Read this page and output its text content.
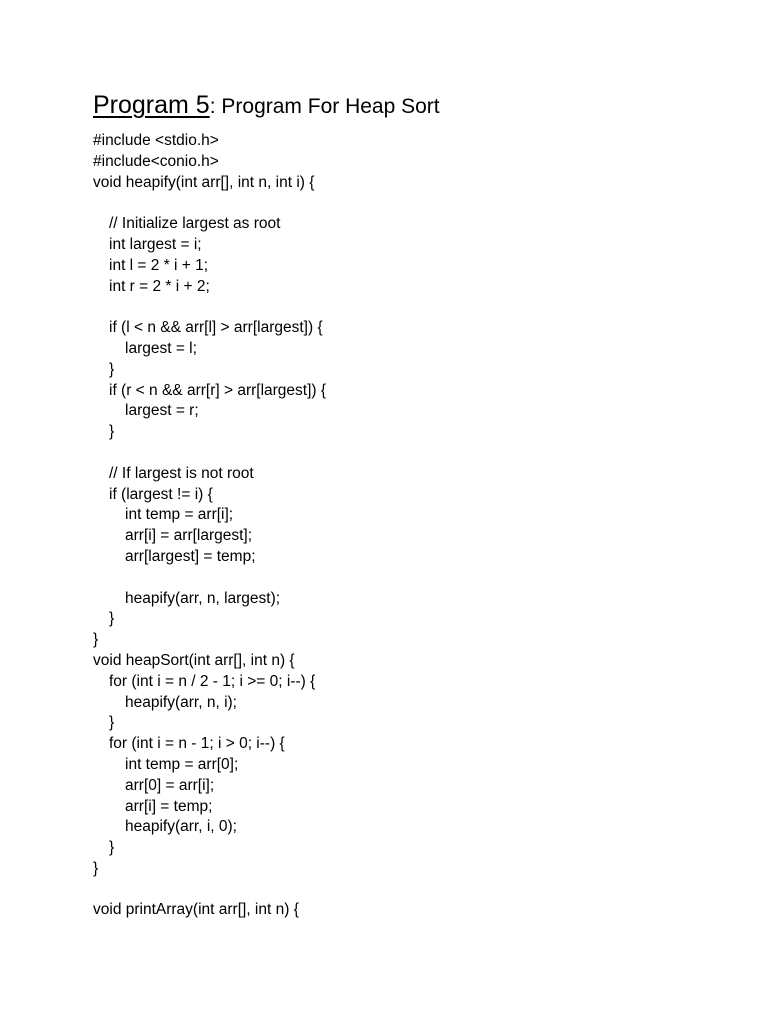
Program 5: Program For Heap Sort
#include <stdio.h>
#include<conio.h>
void heapify(int arr[], int n, int i) {
// Initialize largest as root
int largest = i;
int l = 2 * i + 1;
int r = 2 * i + 2;
if (l < n && arr[l] > arr[largest]) {
largest = l;
}
if (r < n && arr[r] > arr[largest]) {
largest = r;
}
// If largest is not root
if (largest != i) {
int temp = arr[i];
arr[i] = arr[largest];
arr[largest] = temp;
heapify(arr, n, largest);
}
}
void heapSort(int arr[], int n) {
for (int i = n / 2 - 1; i >= 0; i--) {
heapify(arr, n, i);
}
for (int i = n - 1; i > 0; i--) {
int temp = arr[0];
arr[0] = arr[i];
arr[i] = temp;
heapify(arr, i, 0);
}
}
void printArray(int arr[], int n) {
